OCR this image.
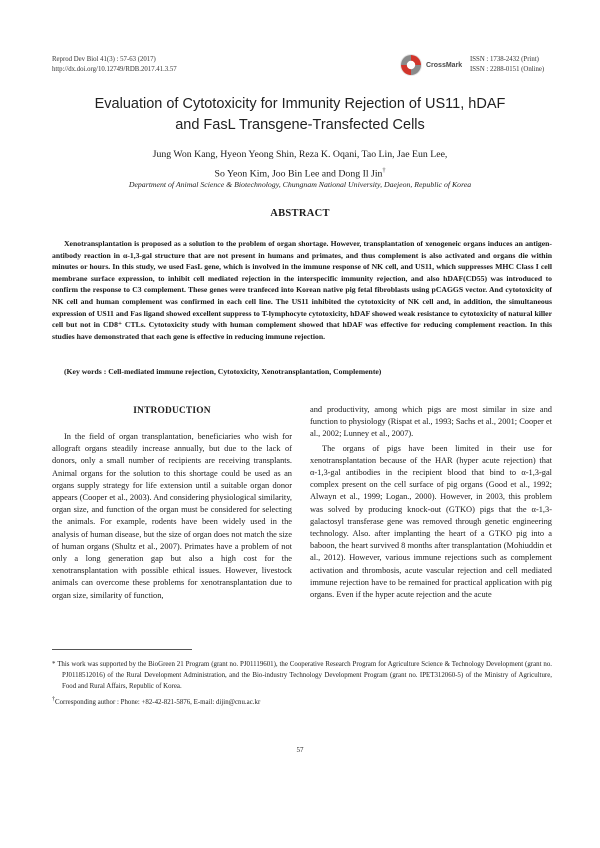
Reprod Dev Biol 41(3) : 57-63 (2017)
http://dx.doi.org/10.12749/RDB.2017.41.3.57
CrossMark
ISSN : 1738-2432 (Print)
ISSN : 2288-0151 (Online)
Evaluation of Cytotoxicity for Immunity Rejection of US11, hDAF
and FasL Transgene-Transfected Cells
Jung Won Kang, Hyeon Yeong Shin, Reza K. Oqani, Tao Lin, Jae Eun Lee,
So Yeon Kim, Joo Bin Lee and Dong Il Jin†
Department of Animal Science & Biotechnology, Chungnam National University, Daejeon, Republic of Korea
ABSTRACT

Xenotransplantation is proposed as a solution to the problem of organ shortage. However, transplantation of xenogeneic organs induces an antigen-antibody reaction in α-1,3-gal structure that are not present in humans and primates, and thus complement is also activated and organs die within minutes or hours. In this study, we used FasL gene, which is involved in the immune response of NK cell, and US11, which suppresses MHC Class I cell membrane surface expression, to inhibit cell mediated rejection in the interspecific immunity rejection, and also hDAF(CD55) was introduced to confirm the response to C3 complement. These genes were tranfeced into Korean native pig fetal fibroblasts using pCAGGS vector. And cytotoxicity of NK cell and human complement was confirmed in each cell line. The US11 inhibited the cytotoxicity of NK cell and, in addition, the simultaneous expression of US11 and Fas ligand showed excellent suppress to T-lymphocyte cytotoxicity, hDAF showed weak resistance to cytotoxicity of natural killer cell but not in CD8⁺ CTLs. Cytotoxicity study with human complement showed that hDAF was effective for reducing complement reaction. In this studies have demonstrated that each gene is effective in reducing immune rejection.

(Key words : Cell-mediated immune rejection, Cytotoxicity, Xenotransplantation, Complemente)

INTRODUCTION

In the field of organ transplantation, beneficiaries who wish for allograft organs steadily increase annually, but due to the lack of donors, only a small number of recipients are receiving transplants. Animal organs for the solution to this shortage could be used as an organs supply strategy for life extension until a suitable organ donor appears (Cooper et al., 2003). And considering physiological similarity, organ size, and function of the organ must be considered for selecting the animals. For example, rodents have been widely used in the analysis of human disease, but the size of organ does not match the size of human organs (Shultz et al., 2007). Primates have a problem of not only a long generation gap but also a high cost for the xenotransplantation with possible ethical issues. However, livestock animals can overcome these problems for xenotransplantation due to organ size, similarity of function,

and productivity, among which pigs are most similar in size and function to physiology (Rispat et al., 1993; Sachs et al., 2001; Cooper et al., 2002; Lunney et al., 2007).

The organs of pigs have been limited in their use for xenotransplantation because of the HAR (hyper acute rejection) that α-1,3-gal antibodies in the recipient blood that bind to α-1,3-gal complex present on the cell surface of pig organs (Good et al., 1992; Alwayn et al., 1999; Logan., 2000). However, in 2003, this problem was solved by producing knock-out (GTKO) pigs that the α-1,3-galactosyl transferase gene was removed through genetic engineering technology. Also. after implanting the heart of a GTKO pig into a baboon, the heart survived 8 months after transplantation (Mohiuddin et al., 2012). However, various immune rejections such as complement activation and thrombosis, acute vascular rejection and cell mediated immune rejection have to be remained for practical application with pig organs. Even if the hyper acute rejection and the acute

* This work was supported by the BioGreen 21 Program (grant no. PJ01119601), the Cooperative Research Program for Agriculture Science & Technology Development (grant no. PJ0118512016) of the Rural Development Administration, and the Bio-industry Technology Development Program (grant no. IPET312060-5) of the Ministry of Agriculture, Food and Rural Affairs, Republic of Korea.

†Corresponding author : Phone: +82-42-821-5876, E-mail: dijin@cnu.ac.kr

57
